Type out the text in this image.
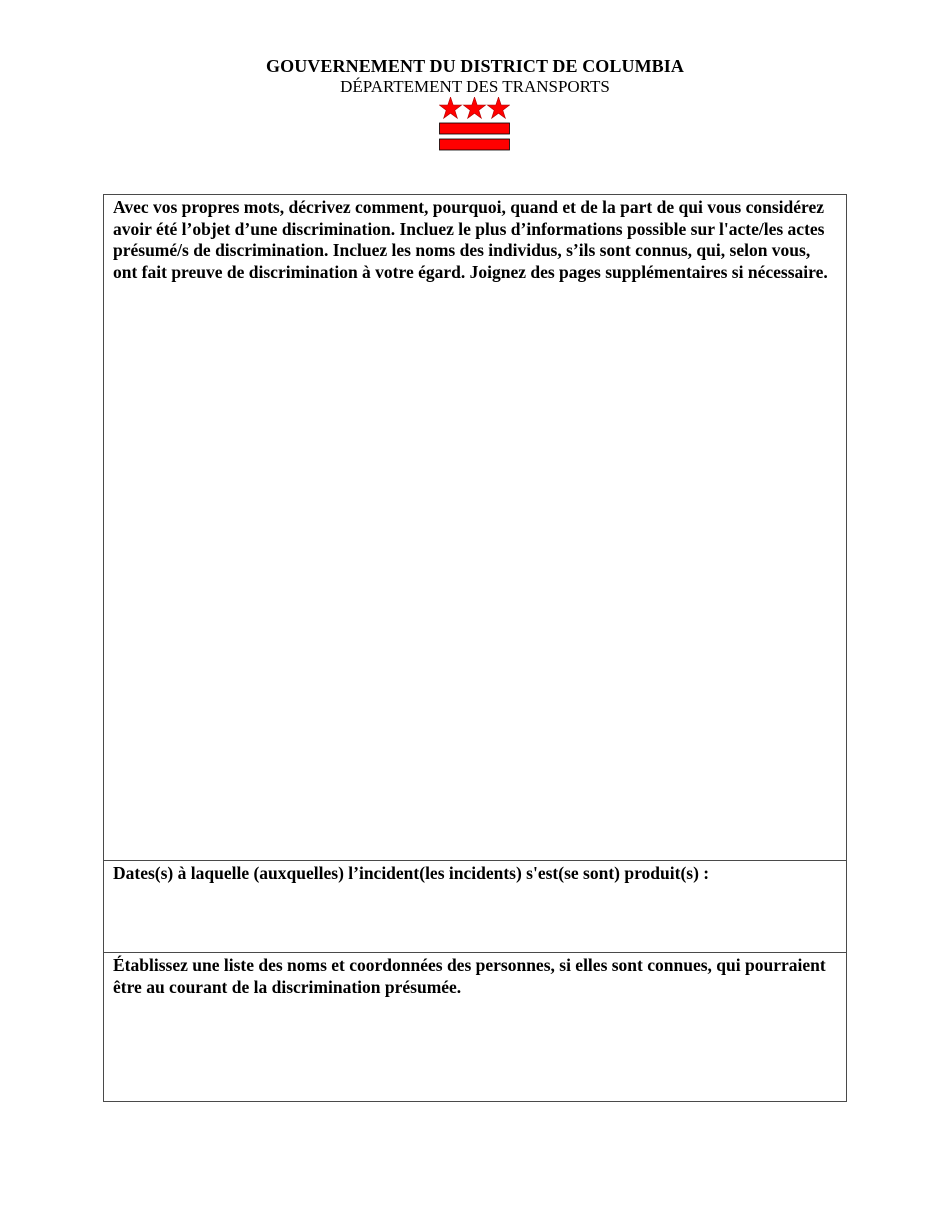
GOUVERNEMENT DU DISTRICT DE COLUMBIA
DÉPARTEMENT DES TRANSPORTS

Avec vos propres mots, décrivez comment, pourquoi, quand et de la part de qui vous considérez avoir été l’objet d’une discrimination. Incluez le plus d’informations possible sur l'acte/les actes présumé/s de discrimination. Incluez les noms des individus, s’ils sont connus, qui, selon vous, ont fait preuve de discrimination à votre égard. Joignez des pages supplémentaires si nécessaire.

Dates(s) à laquelle (auxquelles) l’incident(les incidents) s'est(se sont) produit(s) :

Établissez une liste des noms et coordonnées des personnes, si elles sont connues, qui pourraient être au courant de la discrimination présumée.
